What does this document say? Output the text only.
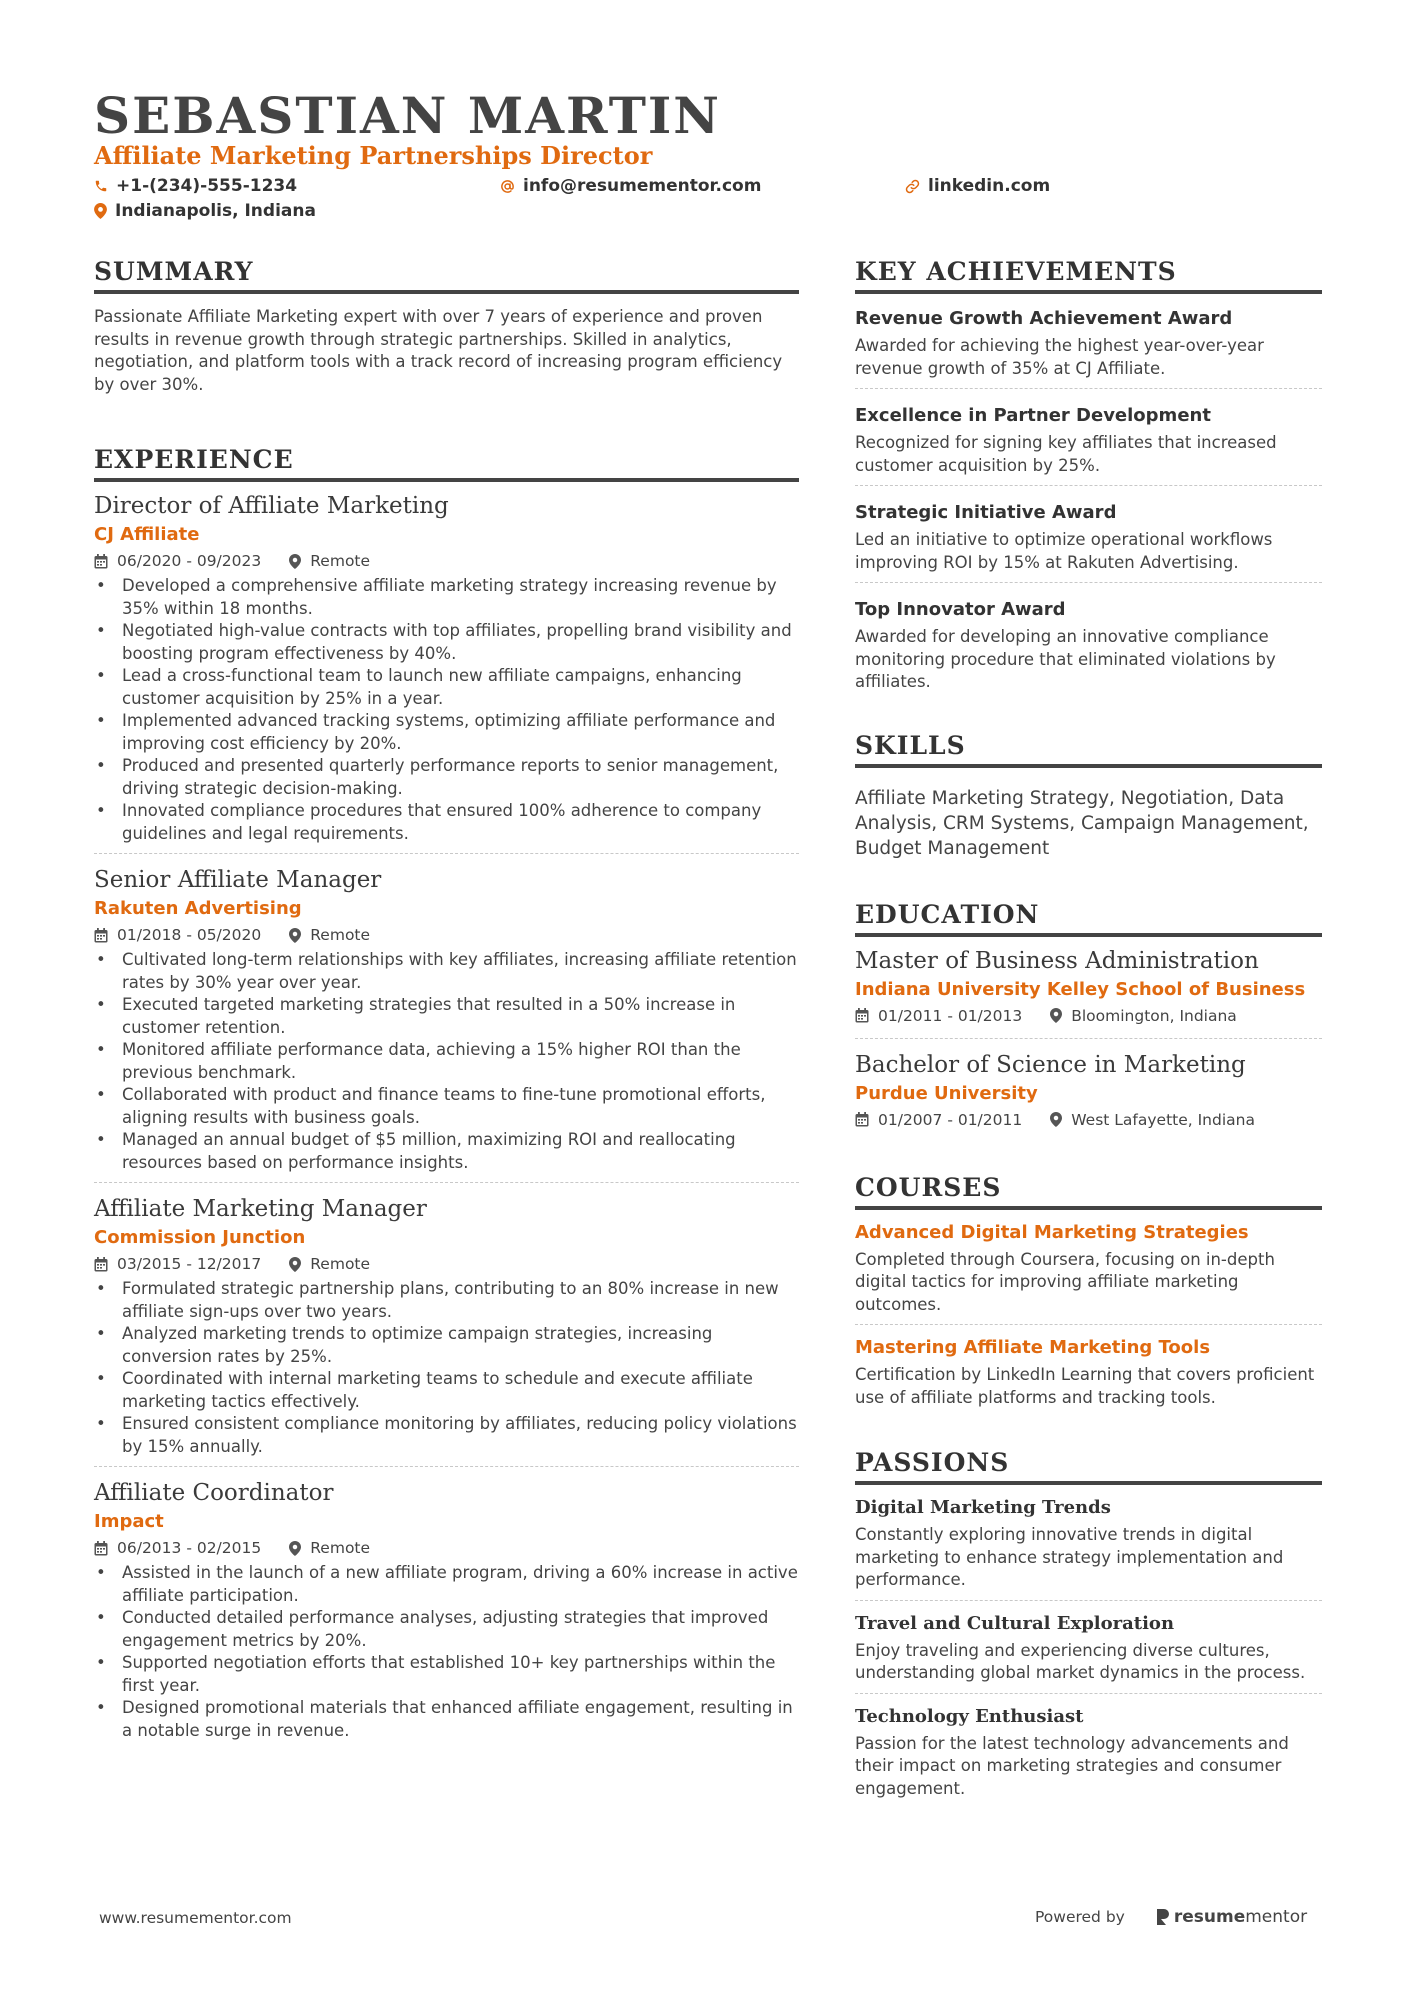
SEBASTIAN MARTIN
Affiliate Marketing Partnerships Director
+1-(234)-555-1234	info@resumementor.com	linkedin.com
Indianapolis, Indiana
SUMMARY

Passionate Affiliate Marketing expert with over 7 years of experience and proven results in revenue growth through strategic partnerships. Skilled in analytics, negotiation, and platform tools with a track record of increasing program efficiency by over 30%.

EXPERIENCE
Director of Affiliate Marketing
CJ Affiliate
06/2020 - 09/2023	Remote
• Developed a comprehensive affiliate marketing strategy increasing revenue by 35% within 18 months.
• Negotiated high-value contracts with top affiliates, propelling brand visibility and boosting program effectiveness by 40%.
• Lead a cross-functional team to launch new affiliate campaigns, enhancing customer acquisition by 25% in a year.
• Implemented advanced tracking systems, optimizing affiliate performance and improving cost efficiency by 20%.
• Produced and presented quarterly performance reports to senior management, driving strategic decision-making.
• Innovated compliance procedures that ensured 100% adherence to company guidelines and legal requirements.
Senior Affiliate Manager
Rakuten Advertising
01/2018 - 05/2020	Remote
• Cultivated long-term relationships with key affiliates, increasing affiliate retention rates by 30% year over year.
• Executed targeted marketing strategies that resulted in a 50% increase in customer retention.
• Monitored affiliate performance data, achieving a 15% higher ROI than the previous benchmark.
• Collaborated with product and finance teams to fine-tune promotional efforts, aligning results with business goals.
• Managed an annual budget of $5 million, maximizing ROI and reallocating resources based on performance insights.
Affiliate Marketing Manager
Commission Junction
03/2015 - 12/2017	Remote
• Formulated strategic partnership plans, contributing to an 80% increase in new affiliate sign-ups over two years.
• Analyzed marketing trends to optimize campaign strategies, increasing conversion rates by 25%.
• Coordinated with internal marketing teams to schedule and execute affiliate marketing tactics effectively.
• Ensured consistent compliance monitoring by affiliates, reducing policy violations by 15% annually.
Affiliate Coordinator
Impact
06/2013 - 02/2015	Remote
• Assisted in the launch of a new affiliate program, driving a 60% increase in active affiliate participation.
• Conducted detailed performance analyses, adjusting strategies that improved engagement metrics by 20%.
• Supported negotiation efforts that established 10+ key partnerships within the first year.
• Designed promotional materials that enhanced affiliate engagement, resulting in a notable surge in revenue.
KEY ACHIEVEMENTS
Revenue Growth Achievement Award

Awarded for achieving the highest year-over-year revenue growth of 35% at CJ Affiliate.

Excellence in Partner Development

Recognized for signing key affiliates that increased customer acquisition by 25%.

Strategic Initiative Award

Led an initiative to optimize operational workflows improving ROI by 15% at Rakuten Advertising.

Top Innovator Award

Awarded for developing an innovative compliance monitoring procedure that eliminated violations by affiliates.

SKILLS

Affiliate Marketing Strategy, Negotiation, Data Analysis, CRM Systems, Campaign Management, Budget Management

EDUCATION
Master of Business Administration
Indiana University Kelley School of Business
01/2011 - 01/2013	Bloomington, Indiana
Bachelor of Science in Marketing
Purdue University
01/2007 - 01/2011	West Lafayette, Indiana
COURSES
Advanced Digital Marketing Strategies

Completed through Coursera, focusing on in-depth digital tactics for improving affiliate marketing outcomes.

Mastering Affiliate Marketing Tools

Certification by LinkedIn Learning that covers proficient use of affiliate platforms and tracking tools.

PASSIONS
Digital Marketing Trends

Constantly exploring innovative trends in digital marketing to enhance strategy implementation and performance.

Travel and Cultural Exploration

Enjoy traveling and experiencing diverse cultures, understanding global market dynamics in the process.

Technology Enthusiast

Passion for the latest technology advancements and their impact on marketing strategies and consumer engagement.

www.resumementor.com	Powered by	resume mentor
